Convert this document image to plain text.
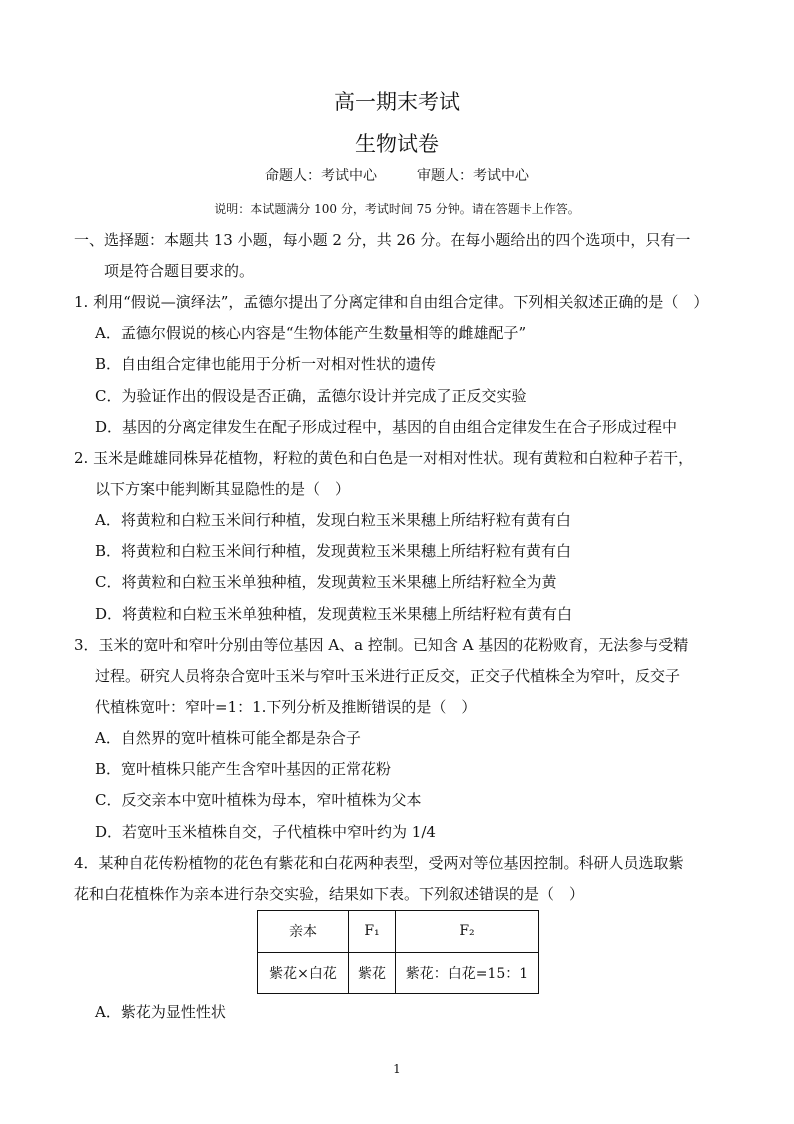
高一期末考试
生物试卷
命题人：考试中心	审题人：考试中心
说明：本试题满分 100 分，考试时间 75 分钟。请在答题卡上作答。
一、选择题：本题共 13 小题，每小题 2 分，共 26 分。在每小题给出的四个选项中，只有一
项是符合题目要求的。
1. 利用“假说—演绎法”，孟德尔提出了分离定律和自由组合定律。下列相关叙述正确的是（　）
A．孟德尔假说的核心内容是“生物体能产生数量相等的雌雄配子”
B．自由组合定律也能用于分析一对相对性状的遗传
C．为验证作出的假设是否正确，孟德尔设计并完成了正反交实验
D．基因的分离定律发生在配子形成过程中，基因的自由组合定律发生在合子形成过程中
2. 玉米是雌雄同株异花植物，籽粒的黄色和白色是一对相对性状。现有黄粒和白粒种子若干，
以下方案中能判断其显隐性的是（　）
A．将黄粒和白粒玉米间行种植，发现白粒玉米果穗上所结籽粒有黄有白
B．将黄粒和白粒玉米间行种植，发现黄粒玉米果穗上所结籽粒有黄有白
C．将黄粒和白粒玉米单独种植，发现黄粒玉米果穗上所结籽粒全为黄
D．将黄粒和白粒玉米单独种植，发现黄粒玉米果穗上所结籽粒有黄有白
3．玉米的宽叶和窄叶分别由等位基因 A、a 控制。已知含 A 基因的花粉败育，无法参与受精
过程。研究人员将杂合宽叶玉米与窄叶玉米进行正反交，正交子代植株全为窄叶，反交子
代植株宽叶：窄叶=1：1.下列分析及推断错误的是（　）
A．自然界的宽叶植株可能全都是杂合子
B．宽叶植株只能产生含窄叶基因的正常花粉
C．反交亲本中宽叶植株为母本，窄叶植株为父本
D．若宽叶玉米植株自交，子代植株中窄叶约为 1/4
4．某种自花传粉植物的花色有紫花和白花两种表型，受两对等位基因控制。科研人员选取紫
花和白花植株作为亲本进行杂交实验，结果如下表。下列叙述错误的是（　）
亲本	F₁	F₂
紫花×白花	紫花	紫花：白花=15：1
A．紫花为显性性状
1
